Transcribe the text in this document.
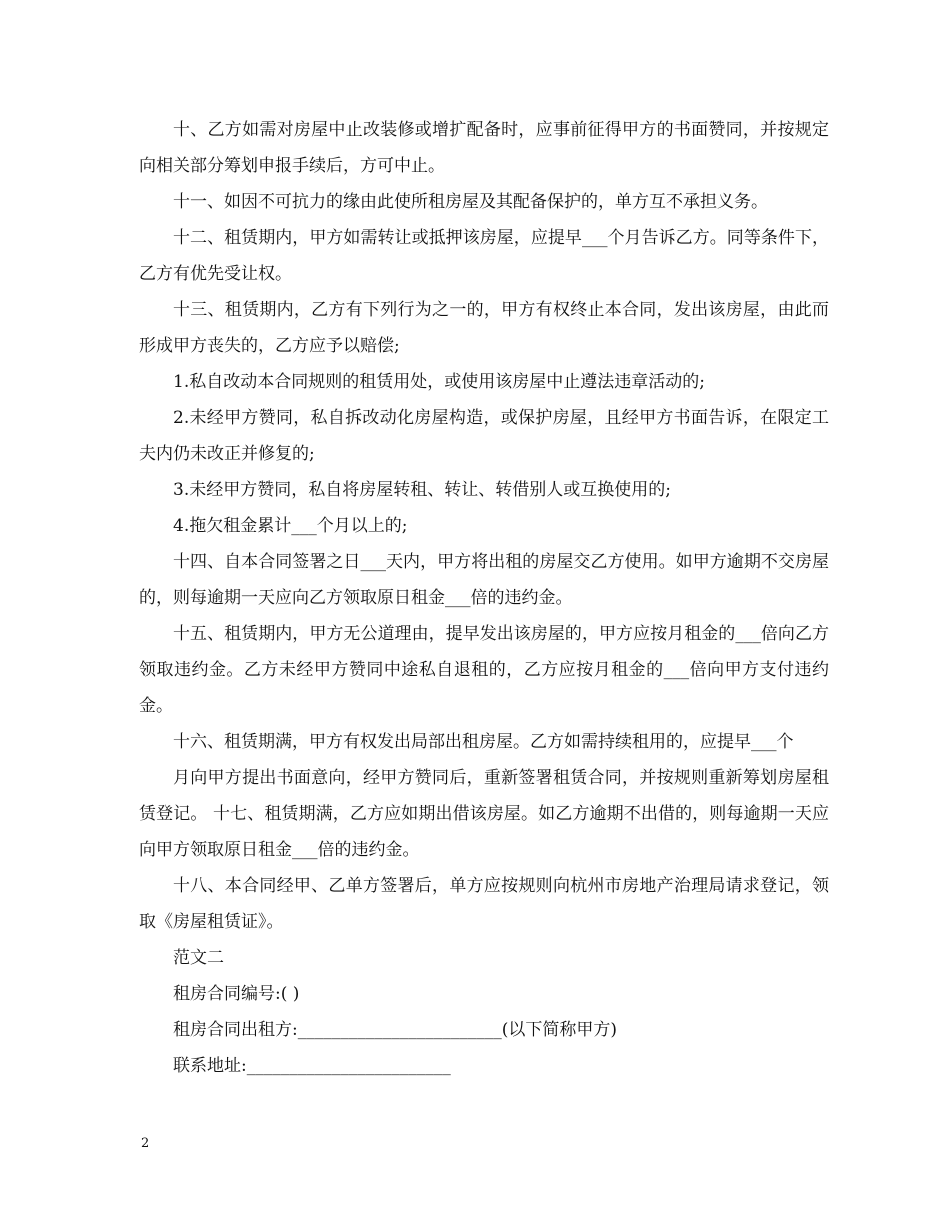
十、乙方如需对房屋中止改装修或增扩配备时，应事前征得甲方的书面赞同，并按规定向相关部分筹划申报手续后，方可中止。

十一、如因不可抗力的缘由此使所租房屋及其配备保护的，单方互不承担义务。

十二、租赁期内，甲方如需转让或抵押该房屋，应提早___个月告诉乙方。同等条件下，乙方有优先受让权。

十三、租赁期内，乙方有下列行为之一的，甲方有权终止本合同，发出该房屋，由此而形成甲方丧失的，乙方应予以赔偿;

1.私自改动本合同规则的租赁用处，或使用该房屋中止遵法违章活动的;

2.未经甲方赞同，私自拆改动化房屋构造，或保护房屋，且经甲方书面告诉，在限定工夫内仍未改正并修复的;

3.未经甲方赞同，私自将房屋转租、转让、转借别人或互换使用的;

4.拖欠租金累计___个月以上的;

十四、自本合同签署之日___天内，甲方将出租的房屋交乙方使用。如甲方逾期不交房屋的，则每逾期一天应向乙方领取原日租金___倍的违约金。

十五、租赁期内，甲方无公道理由，提早发出该房屋的，甲方应按月租金的___倍向乙方领取违约金。乙方未经甲方赞同中途私自退租的，乙方应按月租金的___倍向甲方支付违约金。

十六、租赁期满，甲方有权发出局部出租房屋。乙方如需持续租用的，应提早___个

月向甲方提出书面意向，经甲方赞同后，重新签署租赁合同，并按规则重新筹划房屋租赁登记。 十七、租赁期满，乙方应如期出借该房屋。如乙方逾期不出借的，则每逾期一天应向甲方领取原日租金___倍的违约金。

十八、本合同经甲、乙单方签署后，单方应按规则向杭州市房地产治理局请求登记，领取《房屋租赁证》。

范文二

租房合同编号:( )

租房合同出租方:________________________(以下简称甲方)

联系地址:________________________

2
